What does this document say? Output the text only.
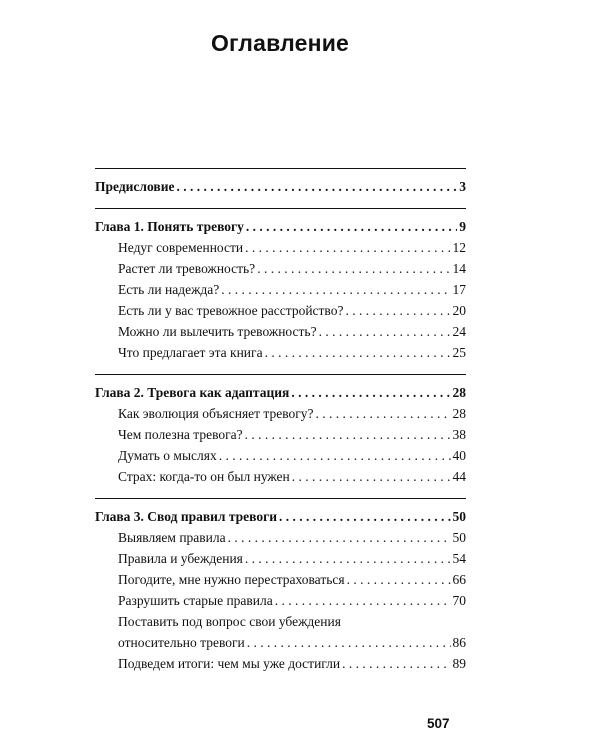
Оглавление
Предисловие . . .	3
Глава 1. Понять тревогу . . .	9
Недуг современности . . .	12
Растет ли тревожность? . . .	14
Есть ли надежда? . . .	17
Есть ли у вас тревожное расстройство? . . .	20
Можно ли вылечить тревожность? . . .	24
Что предлагает эта книга . . .	25
Глава 2. Тревога как адаптация . . .	28
Как эволюция объясняет тревогу? . . .	28
Чем полезна тревога? . . .	38
Думать о мыслях . . .	40
Страх: когда-то он был нужен . . .	44
Глава 3. Свод правил тревоги . . .	50
Выявляем правила . . .	50
Правила и убеждения . . .	54
Погодите, мне нужно перестраховаться . . .	66
Разрушить старые правила . . .	70
Поставить под вопрос свои убеждения
относительно тревоги . . .	86
Подведем итоги: чем мы уже достигли . . .	89
507
